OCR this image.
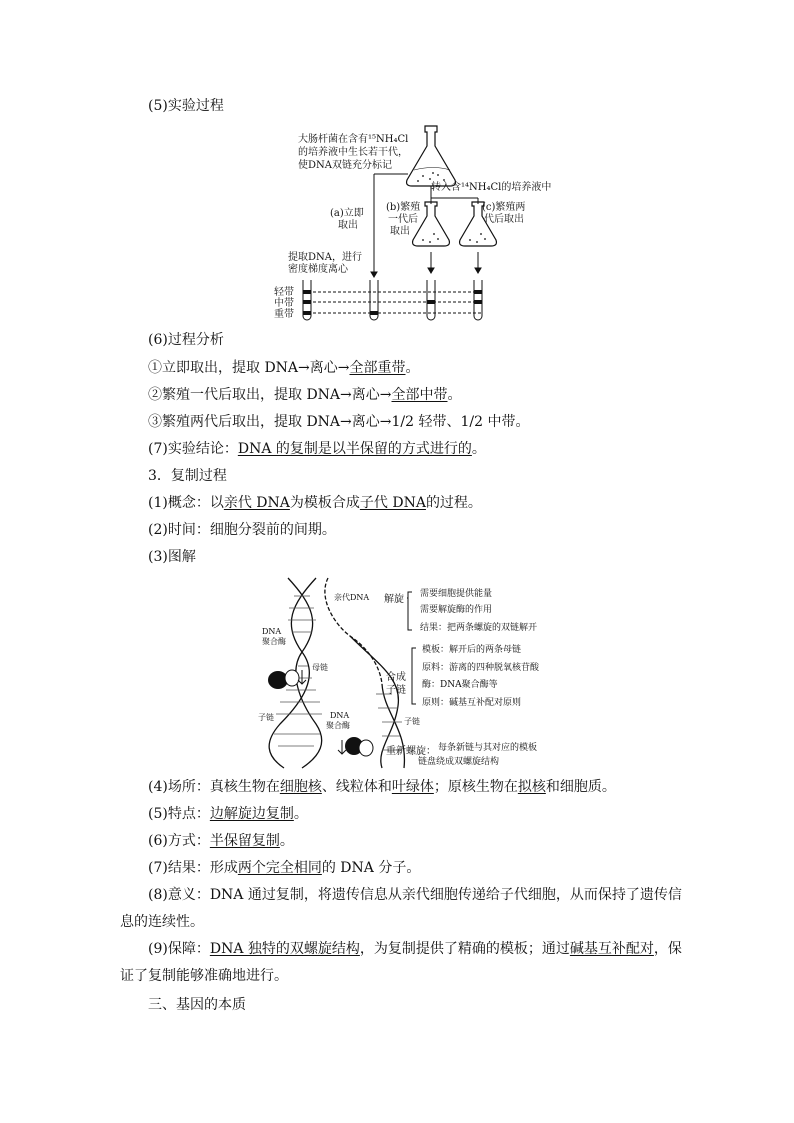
(5)实验过程
大肠杆菌在含有¹⁵NH₄Cl
的培养液中生长若干代，
使DNA双链充分标记
转入含¹⁴NH₄Cl的培养液中
(a)立即
取出
(b)繁殖
一代后
取出
(c)繁殖两
代后取出
提取DNA，进行
密度梯度离心
轻带
中带
重带
(6)过程分析
①立即取出，提取 DNA→离心→全部重带。
②繁殖一代后取出，提取 DNA→离心→全部中带。
③繁殖两代后取出，提取 DNA→离心→1/2 轻带、1/2 中带。
(7)实验结论：DNA 的复制是以半保留的方式进行的。
3．复制过程
(1)概念：以亲代 DNA为模板合成子代 DNA的过程。
(2)时间：细胞分裂前的间期。
(3)图解
亲代DNA
DNA
聚合酶
母链
子链	DNA
聚合酶	子链
解旋
合成
子链
重新螺旋：
需要细胞提供能量
需要解旋酶的作用
结果：把两条螺旋的双链解开
模板：解开后的两条母链
原料：游离的四种脱氧核苷酸
酶：DNA聚合酶等
原则：碱基互补配对原则
每条新链与其对应的模板
链盘绕成双螺旋结构
(4)场所：真核生物在细胞核、线粒体和叶绿体；原核生物在拟核和细胞质。
(5)特点：边解旋边复制。
(6)方式：半保留复制。
(7)结果：形成两个完全相同的 DNA 分子。
(8)意义：DNA 通过复制，将遗传信息从亲代细胞传递给子代细胞，从而保持了遗传信息的连续性。
(9)保障：DNA 独特的双螺旋结构，为复制提供了精确的模板；通过碱基互补配对，保证了复制能够准确地进行。
三、基因的本质
